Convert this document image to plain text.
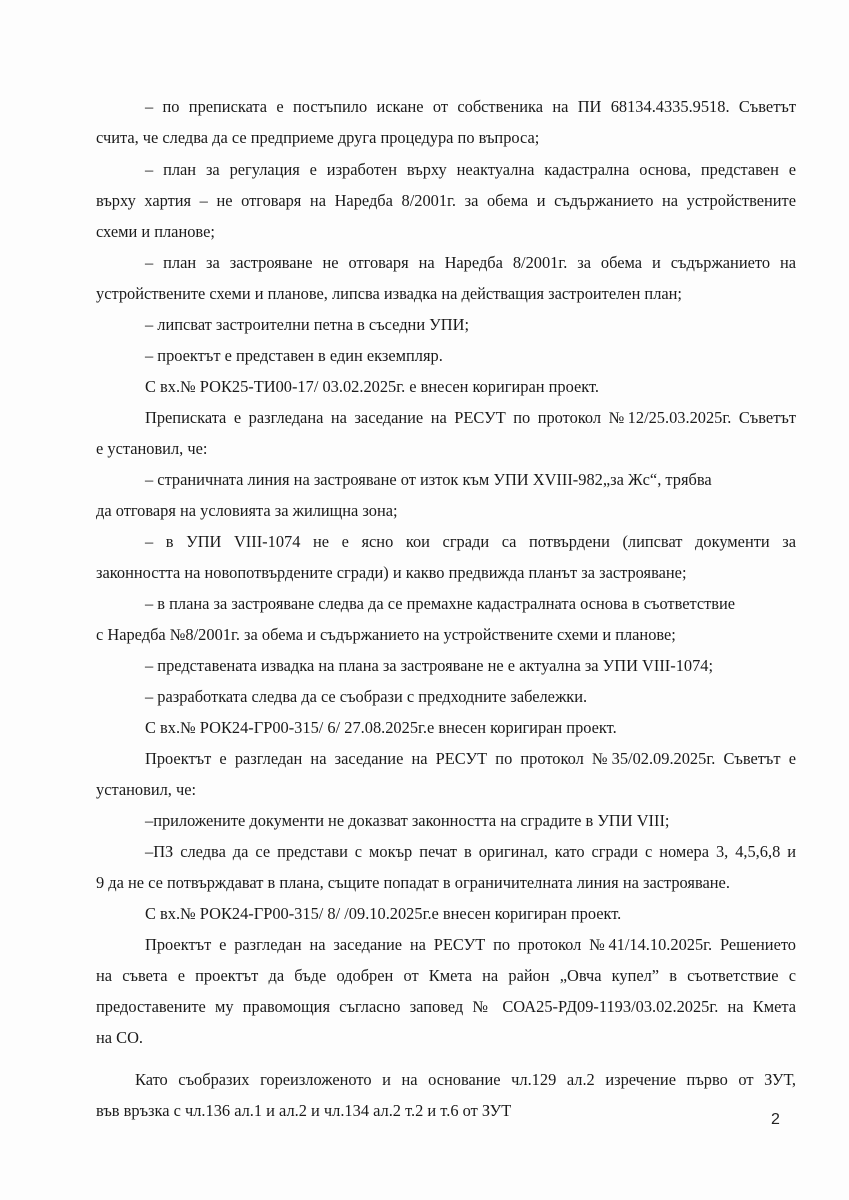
– по преписката е постъпило искане от собственика на ПИ 68134.4335.9518. Съветът
счита, че следва да се предприеме друга процедура по въпроса;
– план за регулация е изработен върху неактуална кадастрална основа, представен е
върху хартия – не отговаря на Наредба 8/2001г. за обема и съдържанието на устройствените
схеми и планове;
– план за застрояване не отговаря на Наредба 8/2001г. за обема и съдържанието на
устройствените схеми и планове, липсва извадка на действащия застроителен план;
– липсват застроителни петна в съседни УПИ;
– проектът е представен в един екземпляр.
С вх.№ РОК25-ТИ00-17/ 03.02.2025г. е внесен коригиран проект.
Преписката е разгледана на заседание на РЕСУТ по протокол №12/25.03.2025г. Съветът
е установил, че:
– страничната линия на застрояване от изток към УПИ XVIII-982„за Жс“, трябва
да отговаря на условията за жилищна зона;
– в УПИ VIII-1074 не е ясно кои сгради са потвърдени (липсват документи за
законността на новопотвърдените сгради) и какво предвижда планът за застрояване;
– в плана за застрояване следва да се премахне кадастралната основа в съответствие
с Наредба №8/2001г. за обема и съдържанието на устройствените схеми и планове;
– представената извадка на плана за застрояване не е актуална за УПИ VIII-1074;
– разработката следва да се съобрази с предходните забележки.
С вх.№ РОК24-ГР00-315/ 6/ 27.08.2025г.е внесен коригиран проект.
Проектът е разгледан на заседание на РЕСУТ по протокол №35/02.09.2025г. Съветът е
установил, че:
–приложените документи не доказват законността на сградите в УПИ VIII;
–ПЗ следва да се представи с мокър печат в оригинал, като сгради с номера 3, 4,5,6,8 и
9 да не се потвърждават в плана, същите попадат в ограничителната линия на застрояване.
С вх.№ РОК24-ГР00-315/ 8/ /09.10.2025г.е внесен коригиран проект.
Проектът е разгледан на заседание на РЕСУТ по протокол №41/14.10.2025г. Решението
на съвета е проектът да бъде одобрен от Кмета на район „Овча купел” в съответствие с
предоставените му правомощия съгласно заповед № СОА25-РД09-1193/03.02.2025г. на Кмета
на СО.
Като съобразих гореизложеното и на основание чл.129 ал.2 изречение първо от ЗУТ,
във връзка с чл.136 ал.1 и ал.2 и чл.134 ал.2 т.2 и т.6 от ЗУТ	2
